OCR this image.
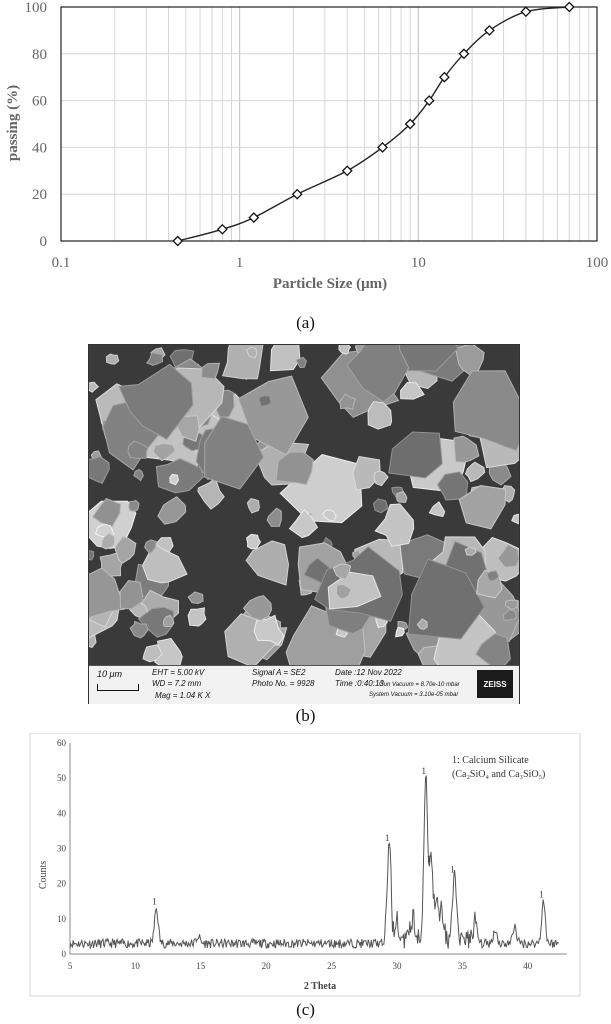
0.1	1	10	100
0
20
40
60
80
100
Particle Size (μm)
passing (%)
(a)
10 μm	EHT = 5.00 kV
WD = 7.2 mm
Mag = 1.04 K X
Signal A = SE2
Photo No. = 9928
Date :12 Nov 2022
Time :0:40:13
Gun Vacuum = 8.70e-10 mbar
System Vacuum = 3.10e-05 mbar
ZEISS
(b)
5	10	15	20	25	30	35	40
0
10
20
30
40
50
60
1
1
1
1
1
1
1: Calcium Silicate
(Ca₂SiO₄ and Ca₃SiO₅)
2 Theta
Counts
(c)
